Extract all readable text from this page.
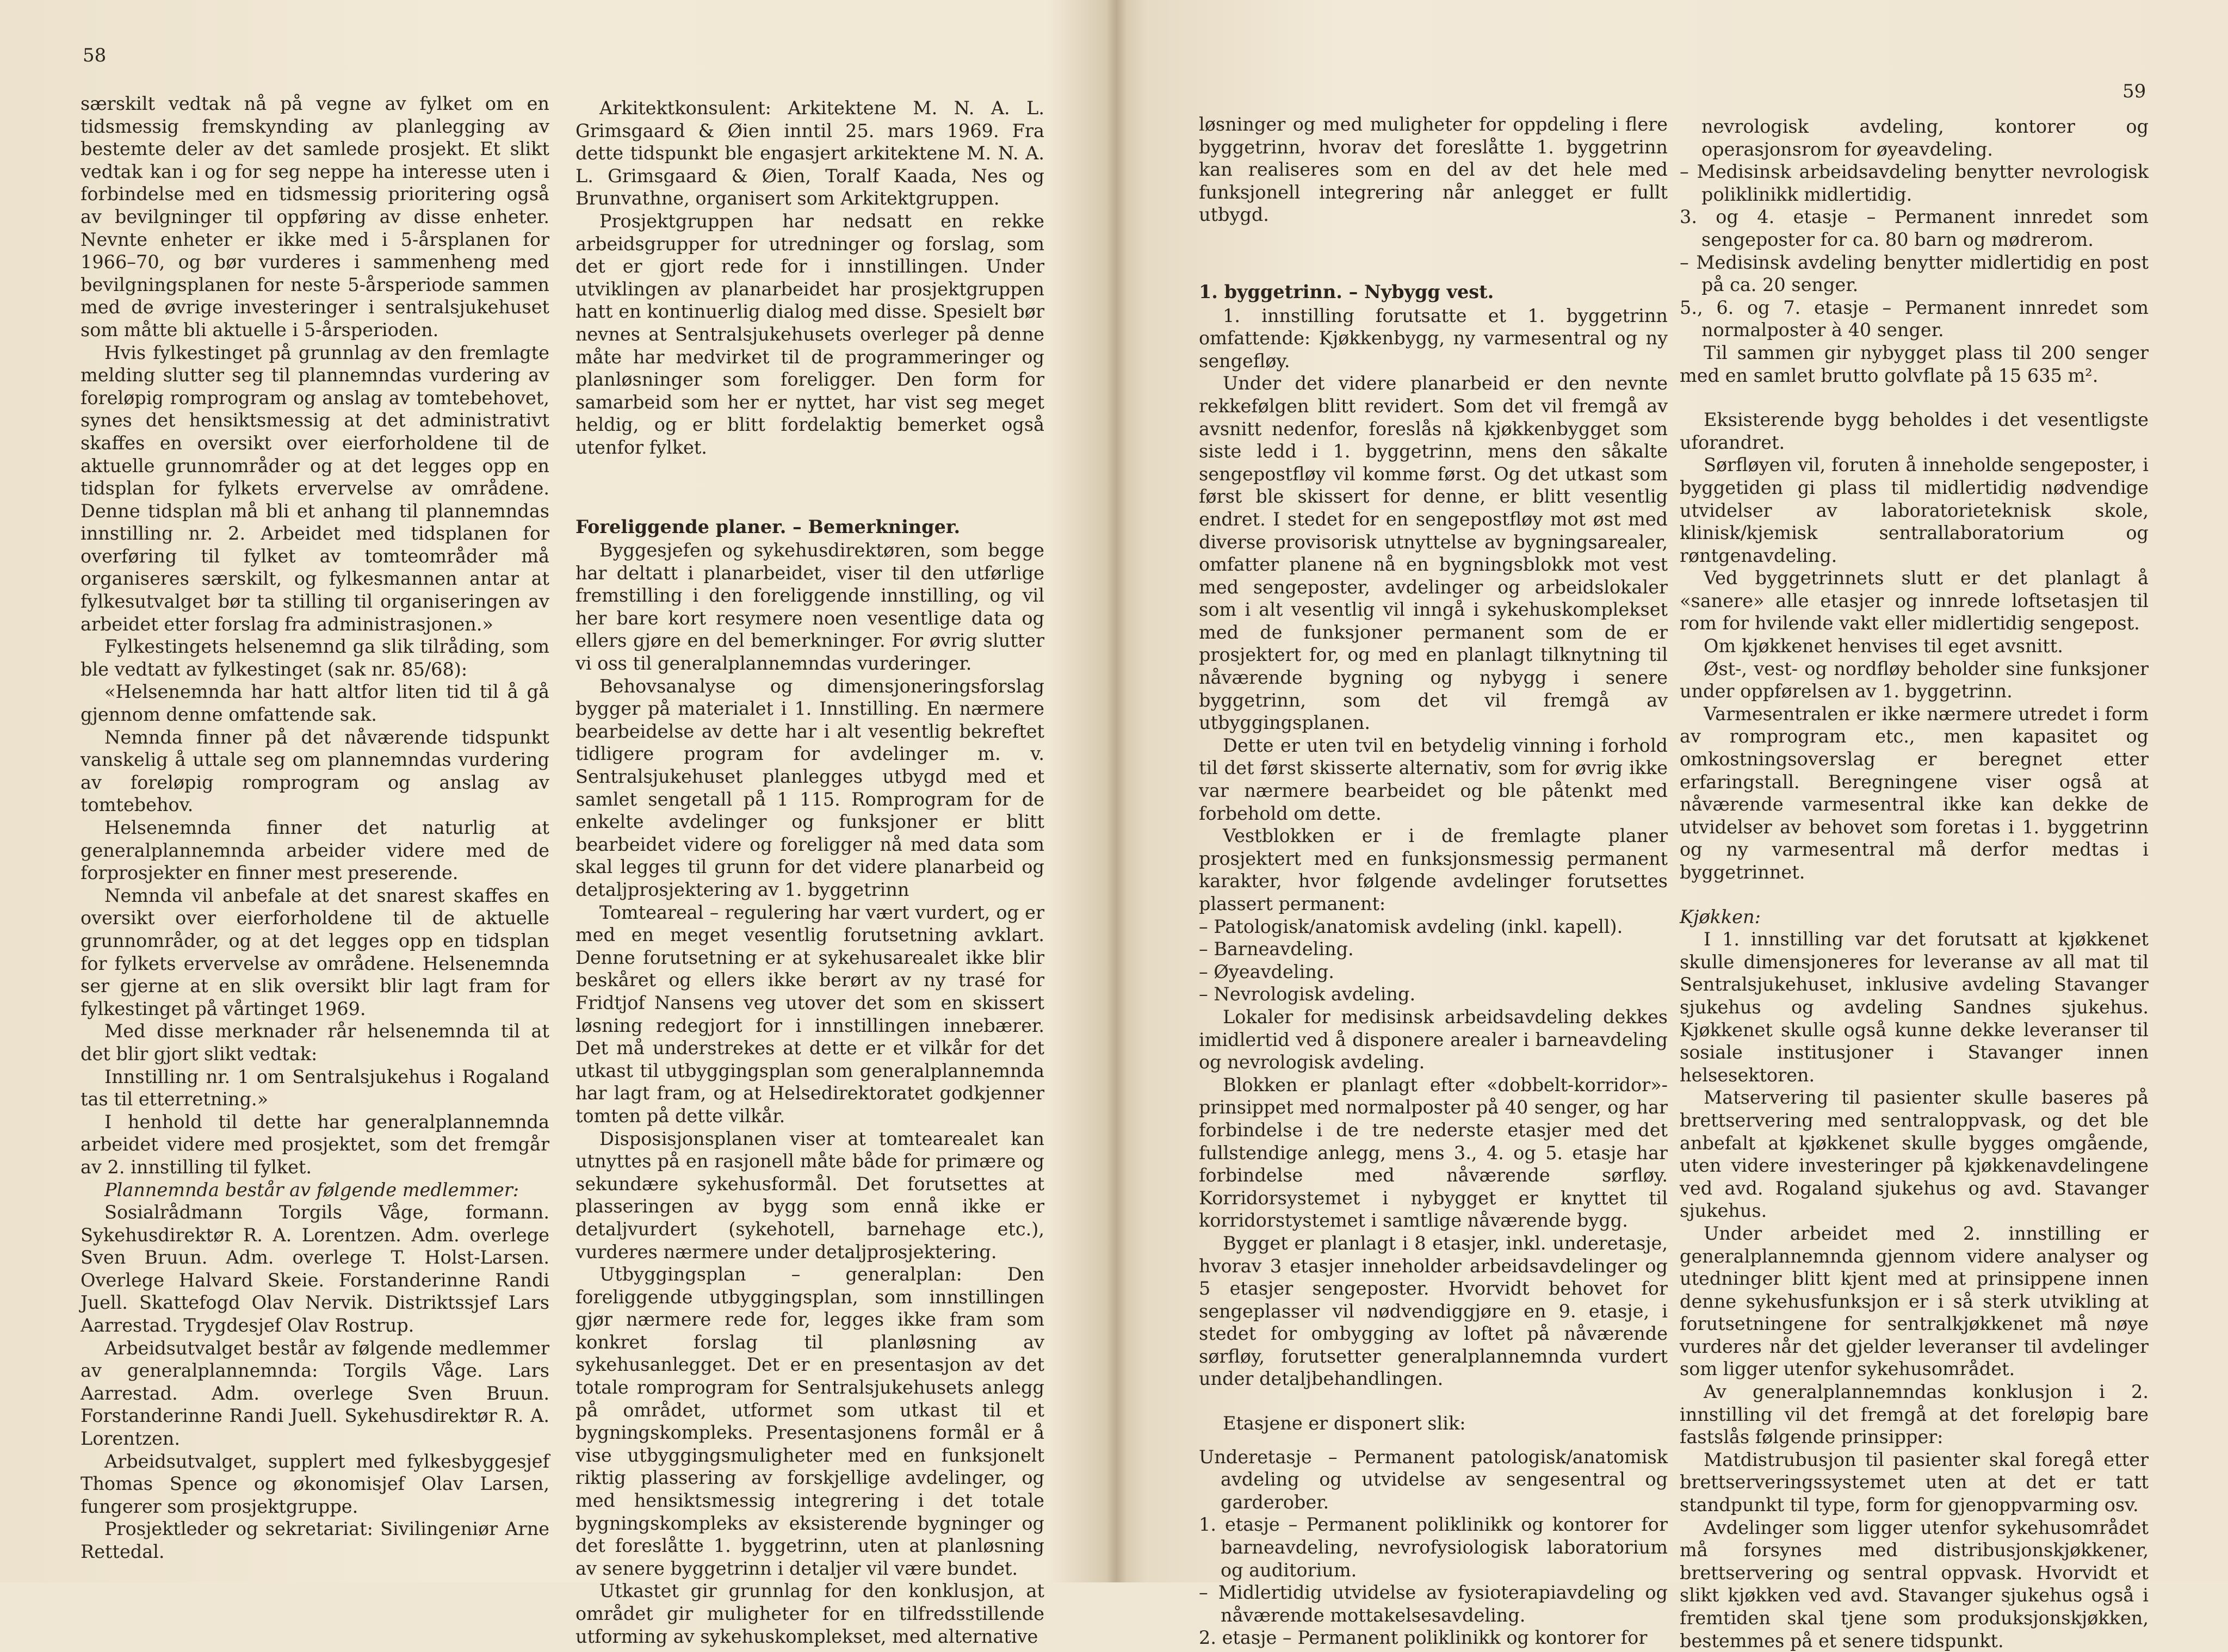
58

særskilt vedtak nå på vegne av fylket om en tidsmessig fremskynding av planlegging av bestemte deler av det samlede prosjekt. Et slikt vedtak kan i og for seg neppe ha interesse uten i forbindelse med en tidsmessig prioritering også av bevilgninger til oppføring av disse enheter. Nevnte enheter er ikke med i 5-årsplanen for 1966–70, og bør vurderes i sammenheng med bevilgningsplanen for neste 5-årsperiode sammen med de øvrige investeringer i sentralsjukehuset som måtte bli aktuelle i 5-årsperioden.

Hvis fylkestinget på grunnlag av den fremlagte melding slutter seg til plannemndas vurdering av foreløpig romprogram og anslag av tomtebehovet, synes det hensiktsmessig at det administrativt skaffes en oversikt over eierforholdene til de aktuelle grunnområder og at det legges opp en tidsplan for fylkets ervervelse av områdene. Denne tidsplan må bli et anhang til plannemndas innstilling nr. 2. Arbeidet med tidsplanen for overføring til fylket av tomteområder må organiseres særskilt, og fylkesmannen antar at fylkesutvalget bør ta stilling til organiseringen av arbeidet etter forslag fra administrasjonen.»

Fylkestingets helsenemnd ga slik tilråding, som ble vedtatt av fylkestinget (sak nr. 85/68):

«Helsenemnda har hatt altfor liten tid til å gå gjennom denne omfattende sak.

Nemnda finner på det nåværende tidspunkt vanskelig å uttale seg om plannemndas vurdering av foreløpig romprogram og anslag av tomtebehov.

Helsenemnda finner det naturlig at generalplannemnda arbeider videre med de forprosjekter en finner mest preserende.

Nemnda vil anbefale at det snarest skaffes en oversikt over eierforholdene til de aktuelle grunnområder, og at det legges opp en tidsplan for fylkets ervervelse av områdene. Helsenemnda ser gjerne at en slik oversikt blir lagt fram for fylkestinget på vårtinget 1969.

Med disse merknader rår helsenemnda til at det blir gjort slikt vedtak:

Innstilling nr. 1 om Sentralsjukehus i Rogaland tas til etterretning.»

I henhold til dette har generalplannemnda arbeidet videre med prosjektet, som det fremgår av 2. innstilling til fylket.

Plannemnda består av følgende medlemmer:

Sosialrådmann Torgils Våge, formann. Sykehusdirektør R. A. Lorentzen. Adm. overlege Sven Bruun. Adm. overlege T. Holst-Larsen. Overlege Halvard Skeie. Forstanderinne Randi Juell. Skattefogd Olav Nervik. Distriktssjef Lars Aarrestad. Trygdesjef Olav Rostrup.

Arbeidsutvalget består av følgende medlemmer av generalplannemnda: Torgils Våge. Lars Aarrestad. Adm. overlege Sven Bruun. Forstanderinne Randi Juell. Sykehusdirektør R. A. Lorentzen.

Arbeidsutvalget, supplert med fylkesbyggesjef Thomas Spence og økonomisjef Olav Larsen, fungerer som prosjektgruppe.

Prosjektleder og sekretariat: Sivilingeniør Arne Rettedal.

Arkitektkonsulent: Arkitektene M. N. A. L. Grimsgaard & Øien inntil 25. mars 1969. Fra dette tidspunkt ble engasjert arkitektene M. N. A. L. Grimsgaard & Øien, Toralf Kaada, Nes og Brunvathne, organisert som Arkitektgruppen.

Prosjektgruppen har nedsatt en rekke arbeidsgrupper for utredninger og forslag, som det er gjort rede for i innstillingen. Under utviklingen av planarbeidet har prosjektgruppen hatt en kontinuerlig dialog med disse. Spesielt bør nevnes at Sentralsjukehusets overleger på denne måte har medvirket til de programmeringer og planløsninger som foreligger. Den form for samarbeid som her er nyttet, har vist seg meget heldig, og er blitt fordelaktig bemerket også utenfor fylket.

Foreliggende planer. – Bemerkninger.

Byggesjefen og sykehusdirektøren, som begge har deltatt i planarbeidet, viser til den utførlige fremstilling i den foreliggende innstilling, og vil her bare kort resymere noen vesentlige data og ellers gjøre en del bemerkninger. For øvrig slutter vi oss til generalplannemndas vurderinger.

Behovsanalyse og dimensjoneringsforslag bygger på materialet i 1. Innstilling. En nærmere bearbeidelse av dette har i alt vesentlig bekreftet tidligere program for avdelinger m. v. Sentralsjukehuset planlegges utbygd med et samlet sengetall på 1 115. Romprogram for de enkelte avdelinger og funksjoner er blitt bearbeidet videre og foreligger nå med data som skal legges til grunn for det videre planarbeid og detaljprosjektering av 1. byggetrinn

Tomteareal – regulering har vært vurdert, og er med en meget vesentlig forutsetning avklart. Denne forutsetning er at sykehusarealet ikke blir beskåret og ellers ikke berørt av ny trasé for Fridtjof Nansens veg utover det som en skissert løsning redegjort for i innstillingen innebærer. Det må understrekes at dette er et vilkår for det utkast til utbyggingsplan som generalplannemnda har lagt fram, og at Helsedirektoratet godkjenner tomten på dette vilkår.

Disposisjonsplanen viser at tomtearealet kan utnyttes på en rasjonell måte både for primære og sekundære sykehusformål. Det forutsettes at plasseringen av bygg som ennå ikke er detaljvurdert (sykehotell, barnehage etc.), vurderes nærmere under detaljprosjektering.

Utbyggingsplan – generalplan: Den foreliggende utbyggingsplan, som innstillingen gjør nærmere rede for, legges ikke fram som konkret forslag til planløsning av sykehusanlegget. Det er en presentasjon av det totale romprogram for Sentralsjukehusets anlegg på området, utformet som utkast til et bygningskompleks. Presentasjonens formål er å vise utbyggingsmuligheter med en funksjonelt riktig plassering av forskjellige avdelinger, og med hensiktsmessig integrering i det totale bygningskompleks av eksisterende bygninger og det foreslåtte 1. byggetrinn, uten at planløsning av senere byggetrinn i detaljer vil være bundet.

Utkastet gir grunnlag for den konklusjon, at området gir muligheter for en tilfredsstillende utforming av sykehuskomplekset, med alternative

59

løsninger og med muligheter for oppdeling i flere byggetrinn, hvorav det foreslåtte 1. byggetrinn kan realiseres som en del av det hele med funksjonell integrering når anlegget er fullt utbygd.

1. byggetrinn. – Nybygg vest.

1. innstilling forutsatte et 1. byggetrinn omfattende: Kjøkkenbygg, ny varmesentral og ny sengefløy.

Under det videre planarbeid er den nevnte rekkefølgen blitt revidert. Som det vil fremgå av avsnitt nedenfor, foreslås nå kjøkkenbygget som siste ledd i 1. byggetrinn, mens den såkalte sengepostfløy vil komme først. Og det utkast som først ble skissert for denne, er blitt vesentlig endret. I stedet for en sengepostfløy mot øst med diverse provisorisk utnyttelse av bygningsarealer, omfatter planene nå en bygningsblokk mot vest med sengeposter, avdelinger og arbeidslokaler som i alt vesentlig vil inngå i sykehuskomplekset med de funksjoner permanent som de er prosjektert for, og med en planlagt tilknytning til nåværende bygning og nybygg i senere byggetrinn, som det vil fremgå av utbyggingsplanen.

Dette er uten tvil en betydelig vinning i forhold til det først skisserte alternativ, som for øvrig ikke var nærmere bearbeidet og ble påtenkt med forbehold om dette.

Vestblokken er i de fremlagte planer prosjektert med en funksjonsmessig permanent karakter, hvor følgende avdelinger forutsettes plassert permanent:

– Patologisk/anatomisk avdeling (inkl. kapell).

– Barneavdeling.

– Øyeavdeling.

– Nevrologisk avdeling.

Lokaler for medisinsk arbeidsavdeling dekkes imidlertid ved å disponere arealer i barneavdeling og nevrologisk avdeling.

Blokken er planlagt efter «dobbelt-korridor»-prinsippet med normalposter på 40 senger, og har forbindelse i de tre nederste etasjer med det fullstendige anlegg, mens 3., 4. og 5. etasje har forbindelse med nåværende sørfløy. Korridorsystemet i nybygget er knyttet til korridorstystemet i samtlige nåværende bygg.

Bygget er planlagt i 8 etasjer, inkl. underetasje, hvorav 3 etasjer inneholder arbeidsavdelinger og 5 etasjer sengeposter. Hvorvidt behovet for sengeplasser vil nødvendiggjøre en 9. etasje, i stedet for ombygging av loftet på nåværende sørfløy, forutsetter generalplannemnda vurdert under detaljbehandlingen.

Etasjene er disponert slik:

Underetasje – Permanent patologisk/anatomisk avdeling og utvidelse av sengesentral og garderober.

1. etasje – Permanent poliklinikk og kontorer for barneavdeling, nevrofysiologisk laboratorium og auditorium.

– Midlertidig utvidelse av fysioterapiavdeling og nåværende mottakelsesavdeling.

2. etasje – Permanent poliklinikk og kontorer for

nevrologisk avdeling, kontorer og operasjonsrom for øyeavdeling.

– Medisinsk arbeidsavdeling benytter nevrologisk poliklinikk midlertidig.

3. og 4. etasje – Permanent innredet som sengeposter for ca. 80 barn og mødrerom.

– Medisinsk avdeling benytter midlertidig en post på ca. 20 senger.

5., 6. og 7. etasje – Permanent innredet som normalposter à 40 senger.

Til sammen gir nybygget plass til 200 senger med en samlet brutto golvflate på 15 635 m².

Eksisterende bygg beholdes i det vesentligste uforandret.

Sørfløyen vil, foruten å inneholde sengeposter, i byggetiden gi plass til midlertidig nødvendige utvidelser av laboratorieteknisk skole, klinisk/kjemisk sentrallaboratorium og røntgenavdeling.

Ved byggetrinnets slutt er det planlagt å «sanere» alle etasjer og innrede loftsetasjen til rom for hvilende vakt eller midlertidig sengepost.

Om kjøkkenet henvises til eget avsnitt.

Øst-, vest- og nordfløy beholder sine funksjoner under oppførelsen av 1. byggetrinn.

Varmesentralen er ikke nærmere utredet i form av romprogram etc., men kapasitet og omkostningsoverslag er beregnet etter erfaringstall. Beregningene viser også at nåværende varmesentral ikke kan dekke de utvidelser av behovet som foretas i 1. byggetrinn og ny varmesentral må derfor medtas i byggetrinnet.

Kjøkken:

I 1. innstilling var det forutsatt at kjøkkenet skulle dimensjoneres for leveranse av all mat til Sentralsjukehuset, inklusive avdeling Stavanger sjukehus og avdeling Sandnes sjukehus. Kjøkkenet skulle også kunne dekke leveranser til sosiale institusjoner i Stavanger innen helsesektoren.

Matservering til pasienter skulle baseres på brettservering med sentraloppvask, og det ble anbefalt at kjøkkenet skulle bygges omgående, uten videre investeringer på kjøkkenavdelingene ved avd. Rogaland sjukehus og avd. Stavanger sjukehus.

Under arbeidet med 2. innstilling er generalplannemnda gjennom videre analyser og utedninger blitt kjent med at prinsippene innen denne sykehusfunksjon er i så sterk utvikling at forutsetningene for sentralkjøkkenet må nøye vurderes når det gjelder leveranser til avdelinger som ligger utenfor sykehusområdet.

Av generalplannemndas konklusjon i 2. innstilling vil det fremgå at det foreløpig bare fastslås følgende prinsipper:

Matdistrubusjon til pasienter skal foregå etter brettserveringssystemet uten at det er tatt standpunkt til type, form for gjenoppvarming osv.

Avdelinger som ligger utenfor sykehusområdet må forsynes med distribusjonskjøkkener, brettservering og sentral oppvask. Hvorvidt et slikt kjøkken ved avd. Stavanger sjukehus også i fremtiden skal tjene som produksjonskjøkken, bestemmes på et senere tidspunkt.
